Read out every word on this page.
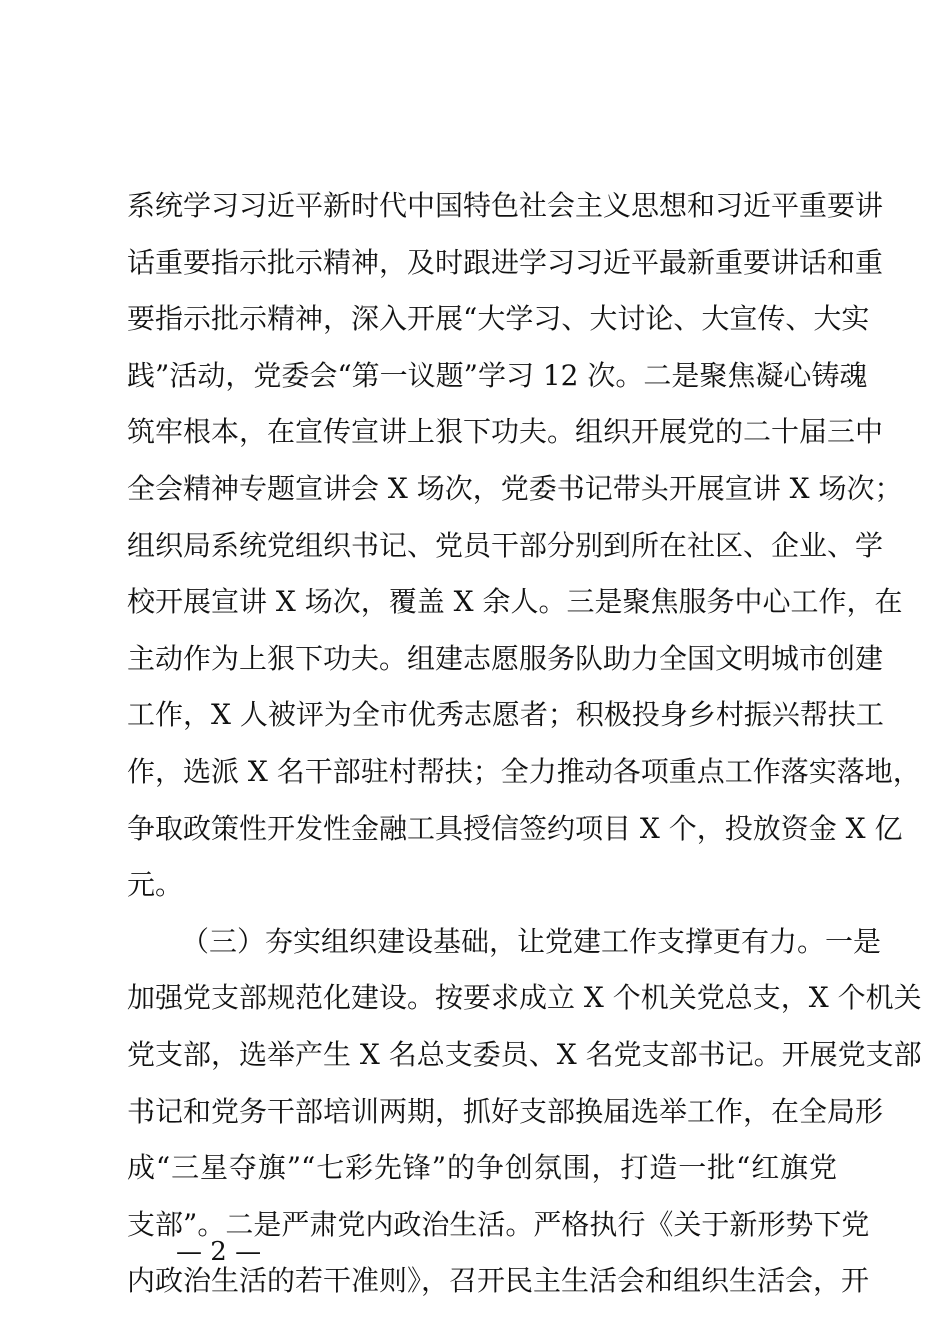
系统学习习近平新时代中国特色社会主义思想和习近平重要讲
话重要指示批示精神，及时跟进学习习近平最新重要讲话和重
要指示批示精神，深入开展“大学习、大讨论、大宣传、大实
践”活动，党委会“第一议题”学习 12 次。二是聚焦凝心铸魂
筑牢根本，在宣传宣讲上狠下功夫。组织开展党的二十届三中
全会精神专题宣讲会 X 场次，党委书记带头开展宣讲 X 场次；
组织局系统党组织书记、党员干部分别到所在社区、企业、学
校开展宣讲 X 场次，覆盖 X 余人。三是聚焦服务中心工作，在
主动作为上狠下功夫。组建志愿服务队助力全国文明城市创建
工作，X 人被评为全市优秀志愿者；积极投身乡村振兴帮扶工
作，选派 X 名干部驻村帮扶；全力推动各项重点工作落实落地，
争取政策性开发性金融工具授信签约项目 X 个，投放资金 X 亿
元。
（三）夯实组织建设基础，让党建工作支撑更有力。一是
加强党支部规范化建设。按要求成立 X 个机关党总支，X 个机关
党支部，选举产生 X 名总支委员、X 名党支部书记。开展党支部
书记和党务干部培训两期，抓好支部换届选举工作，在全局形
成“三星夺旗”“七彩先锋”的争创氛围，打造一批“红旗党
支部”。二是严肃党内政治生活。严格执行《关于新形势下党
内政治生活的若干准则》，召开民主生活会和组织生活会，开
— 2 —
